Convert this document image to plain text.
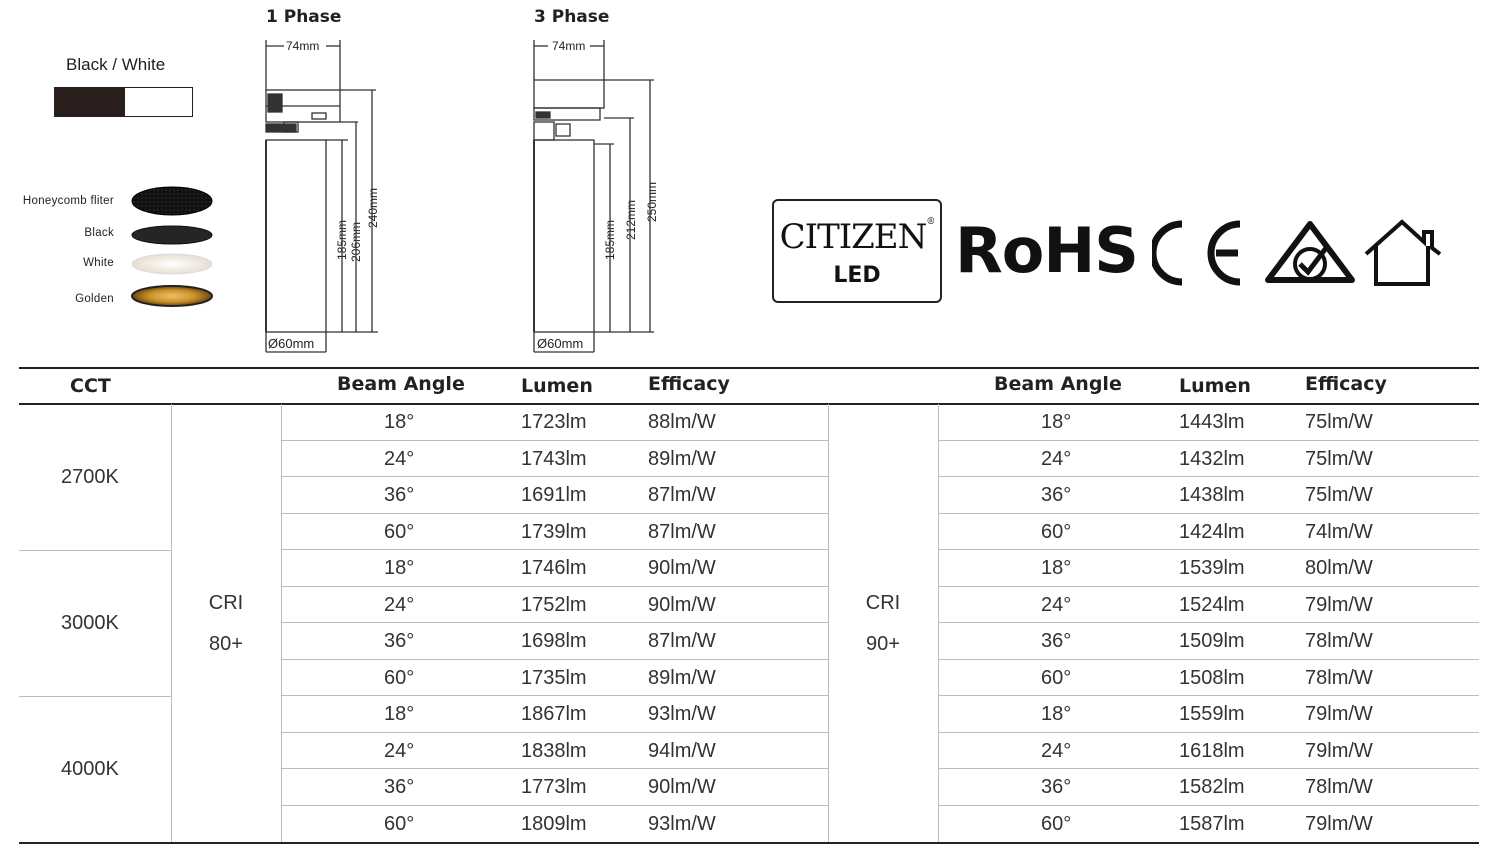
Black / White
Honeycomb fliter
Black
White
Golden
1 Phase
74mm
Ø60mm
185mm 206mm
240mm
3 Phase
74mm
Ø60mm
185mm 212mm 250mm
CITIZEN®
LED	RoHS
CCT	Beam Angle	Lumen	Efficacy	Beam Angle	Lumen	Efficacy
2700K
3000K
4000K
CRI
80+
CRI
90+
18°	1723lm	88lm/W	18°	1443lm	75lm/W
24°	1743lm	89lm/W	24°	1432lm	75lm/W
36°	1691lm	87lm/W	36°	1438lm	75lm/W
60°	1739lm	87lm/W	60°	1424lm	74lm/W
18°	1746lm	90lm/W	18°	1539lm	80lm/W
24°	1752lm	90lm/W	24°	1524lm	79lm/W
36°	1698lm	87lm/W	36°	1509lm	78lm/W
60°	1735lm	89lm/W	60°	1508lm	78lm/W
18°	1867lm	93lm/W	18°	1559lm	79lm/W
24°	1838lm	94lm/W	24°	1618lm	79lm/W
36°	1773lm	90lm/W	36°	1582lm	78lm/W
60°	1809lm	93lm/W	60°	1587lm	79lm/W
